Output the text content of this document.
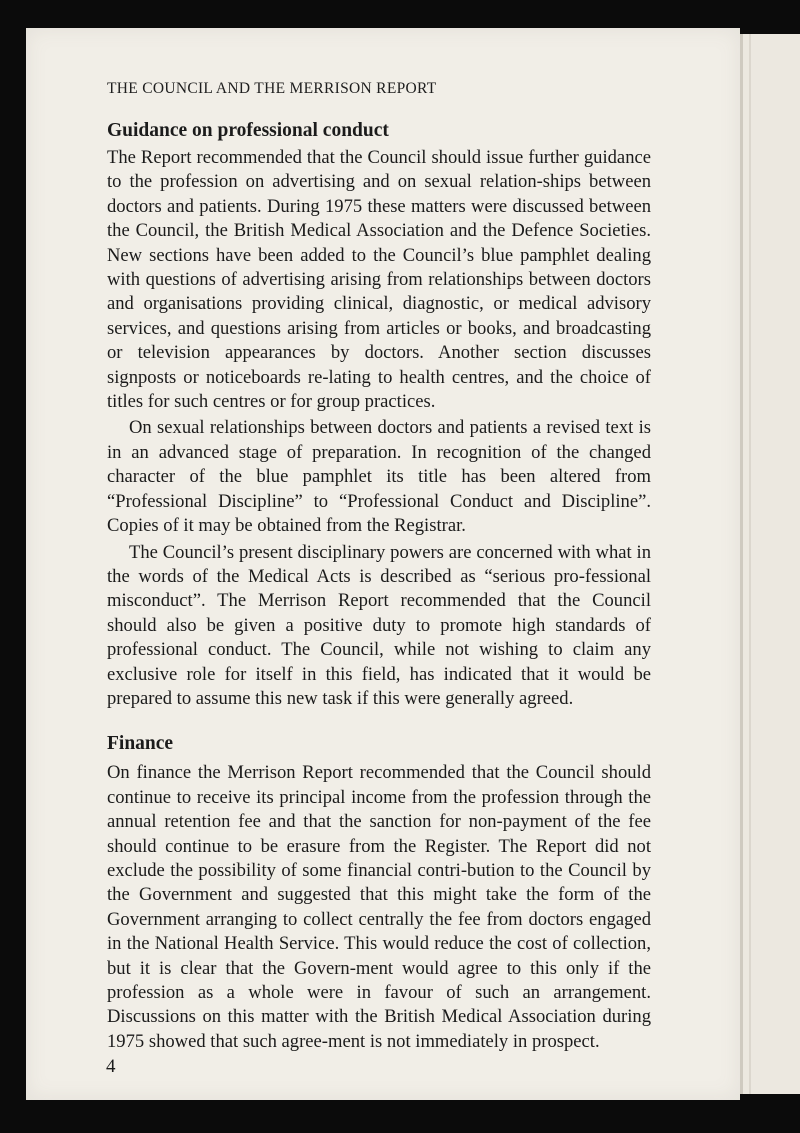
THE COUNCIL AND THE MERRISON REPORT
Guidance on professional conduct

The Report recommended that the Council should issue further guidance to the profession on advertising and on sexual relation-ships between doctors and patients. During 1975 these matters were discussed between the Council, the British Medical Association and the Defence Societies. New sections have been added to the Council’s blue pamphlet dealing with questions of advertising arising from relationships between doctors and organisations providing clinical, diagnostic, or medical advisory services, and questions arising from articles or books, and broadcasting or television appearances by doctors. Another section discusses signposts or noticeboards re-lating to health centres, and the choice of titles for such centres or for group practices.

On sexual relationships between doctors and patients a revised text is in an advanced stage of preparation. In recognition of the changed character of the blue pamphlet its title has been altered from “Professional Discipline” to “Professional Conduct and Discipline”. Copies of it may be obtained from the Registrar.

The Council’s present disciplinary powers are concerned with what in the words of the Medical Acts is described as “serious pro-fessional misconduct”. The Merrison Report recommended that the Council should also be given a positive duty to promote high standards of professional conduct. The Council, while not wishing to claim any exclusive role for itself in this field, has indicated that it would be prepared to assume this new task if this were generally agreed.

Finance

On finance the Merrison Report recommended that the Council should continue to receive its principal income from the profession through the annual retention fee and that the sanction for non-payment of the fee should continue to be erasure from the Register. The Report did not exclude the possibility of some financial contri-bution to the Council by the Government and suggested that this might take the form of the Government arranging to collect centrally the fee from doctors engaged in the National Health Service. This would reduce the cost of collection, but it is clear that the Govern-ment would agree to this only if the profession as a whole were in favour of such an arrangement. Discussions on this matter with the British Medical Association during 1975 showed that such agree-ment is not immediately in prospect.

4
